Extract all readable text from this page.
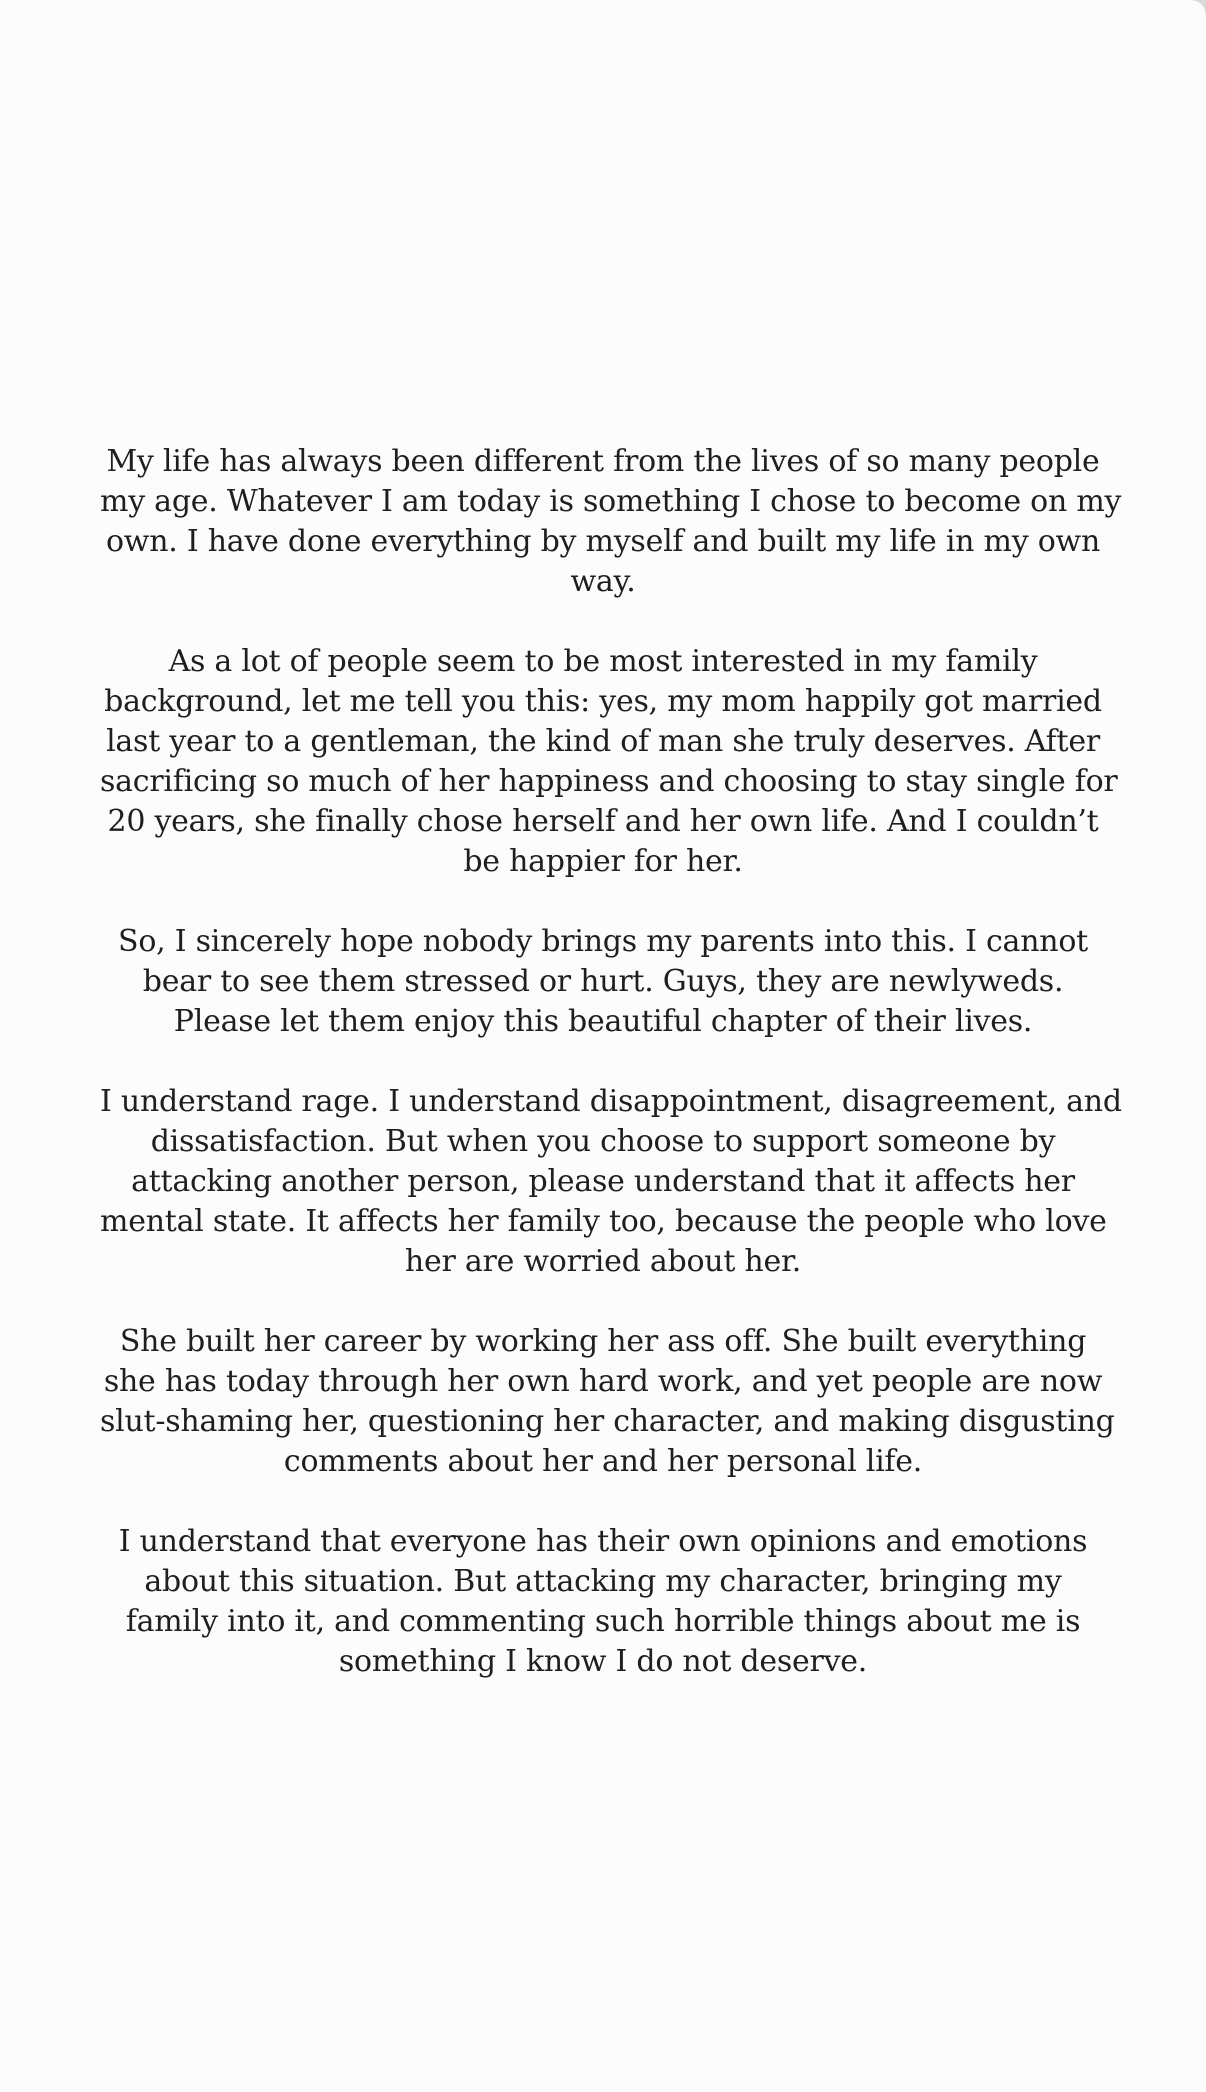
My life has always been different from the lives of so many people
my age. Whatever I am today is something I chose to become on my
own. I have done everything by myself and built my life in my own
way.

As a lot of people seem to be most interested in my family
background, let me tell you this: yes, my mom happily got married
last year to a gentleman, the kind of man she truly deserves. After
sacrificing so much of her happiness and choosing to stay single for
20 years, she finally chose herself and her own life. And I couldn’t
be happier for her.

So, I sincerely hope nobody brings my parents into this. I cannot
bear to see them stressed or hurt. Guys, they are newlyweds.
Please let them enjoy this beautiful chapter of their lives.

I understand rage. I understand disappointment, disagreement, and
dissatisfaction. But when you choose to support someone by
attacking another person, please understand that it affects her
mental state. It affects her family too, because the people who love
her are worried about her.

She built her career by working her ass off. She built everything
she has today through her own hard work, and yet people are now
slut-shaming her, questioning her character, and making disgusting
comments about her and her personal life.

I understand that everyone has their own opinions and emotions
about this situation. But attacking my character, bringing my
family into it, and commenting such horrible things about me is
something I know I do not deserve.
